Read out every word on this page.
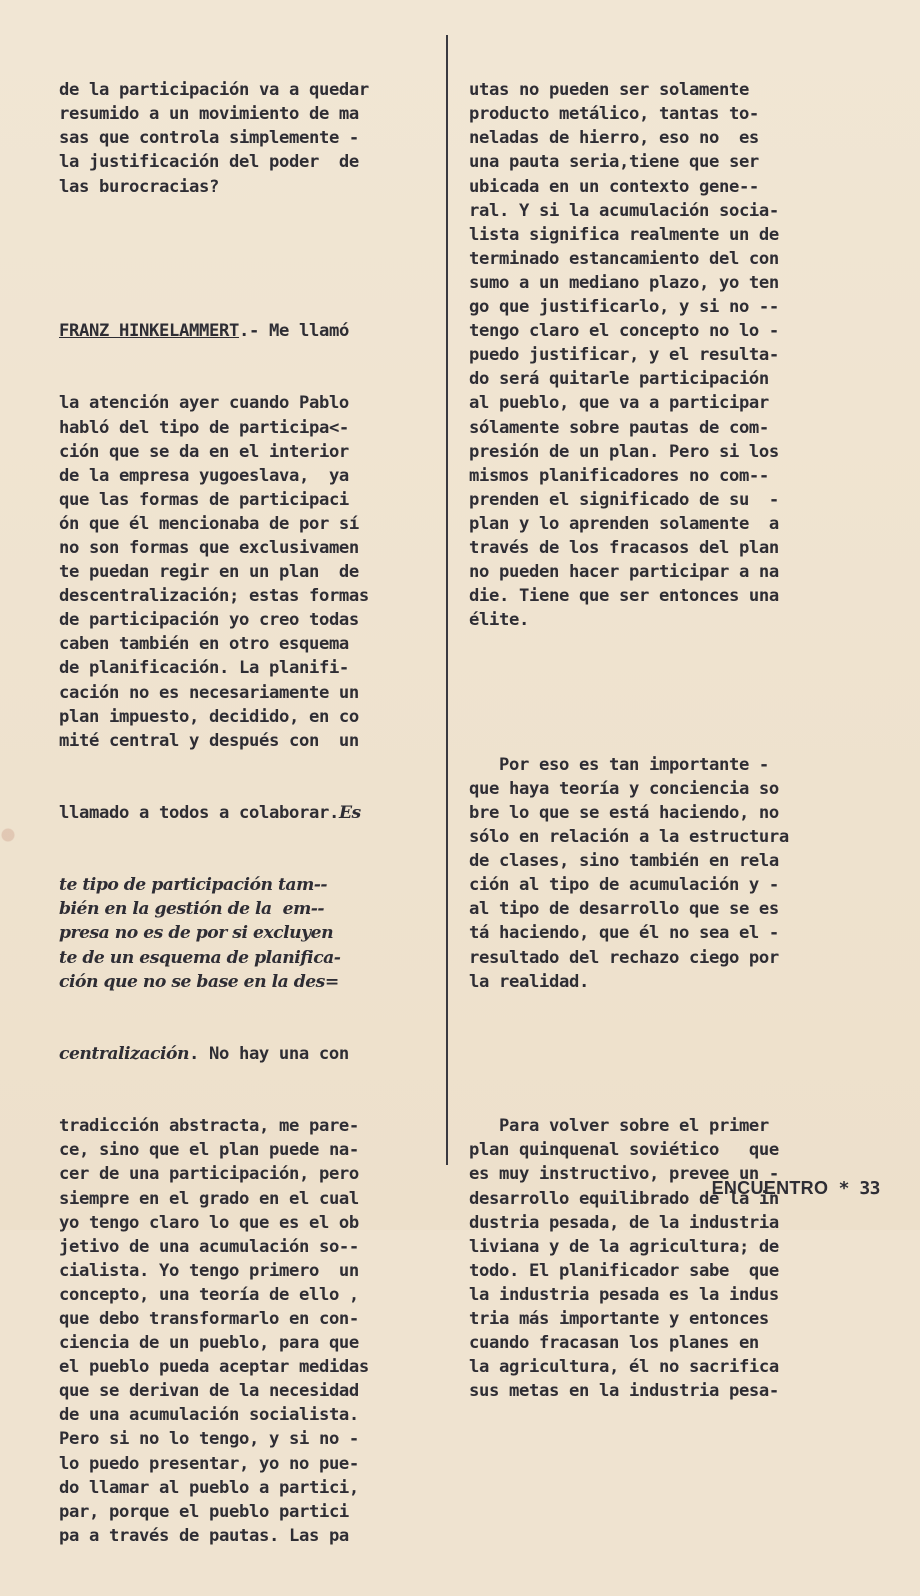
de la participación va a quedar
resumido a un movimiento de ma
sas que controla simplemente -
la justificación del poder  de
las burocracias?

FRANZ HINKELAMMERT.- Me llamó

la atención ayer cuando Pablo
habló del tipo de participa<-
ción que se da en el interior
de la empresa yugoeslava,  ya
que las formas de participaci
ón que él mencionaba de por sí
no son formas que exclusivamen
te puedan regir en un plan  de
descentralización; estas formas
de participación yo creo todas
caben también en otro esquema
de planificación. La planifi-
cación no es necesariamente un
plan impuesto, decidido, en co
mité central y después con  un

llamado a todos a colaborar.Es

te tipo de participación tam--
bién en la gestión de la  em--
presa no es de por si excluyen
te de un esquema de planifica-
ción que no se base en la des=

centralización. No hay una con

tradicción abstracta, me pare-
ce, sino que el plan puede na-
cer de una participación, pero
siempre en el grado en el cual
yo tengo claro lo que es el ob
jetivo de una acumulación so--
cialista. Yo tengo primero  un
concepto, una teoría de ello ,
que debo transformarlo en con-
ciencia de un pueblo, para que
el pueblo pueda aceptar medidas
que se derivan de la necesidad
de una acumulación socialista.
Pero si no lo tengo, y si no -
lo puedo presentar, yo no pue-
do llamar al pueblo a partici,
par, porque el pueblo partici
pa a través de pautas. Las pa

utas no pueden ser solamente
producto metálico, tantas to-
neladas de hierro, eso no  es
una pauta seria,tiene que ser
ubicada en un contexto gene--
ral. Y si la acumulación socia-
lista significa realmente un de
terminado estancamiento del con
sumo a un mediano plazo, yo ten
go que justificarlo, y si no --
tengo claro el concepto no lo -
puedo justificar, y el resulta-
do será quitarle participación
al pueblo, que va a participar
sólamente sobre pautas de com-
presión de un plan. Pero si los
mismos planificadores no com--
prenden el significado de su  -
plan y lo aprenden solamente  a
través de los fracasos del plan
no pueden hacer participar a na
die. Tiene que ser entonces una
élite.

Por eso es tan importante -
que haya teoría y conciencia so
bre lo que se está haciendo, no
sólo en relación a la estructura
de clases, sino también en rela
ción al tipo de acumulación y -
al tipo de desarrollo que se es
tá haciendo, que él no sea el -
resultado del rechazo ciego por
la realidad.

Para volver sobre el primer
plan quinquenal soviético   que
es muy instructivo, prevee un -
desarrollo equilibrado de la in
dustria pesada, de la industria
liviana y de la agricultura; de
todo. El planificador sabe  que
la industria pesada es la indus
tria más importante y entonces
cuando fracasan los planes en
la agricultura, él no sacrifica
sus metas en la industria pesa-

ENCUENTRO * 33
